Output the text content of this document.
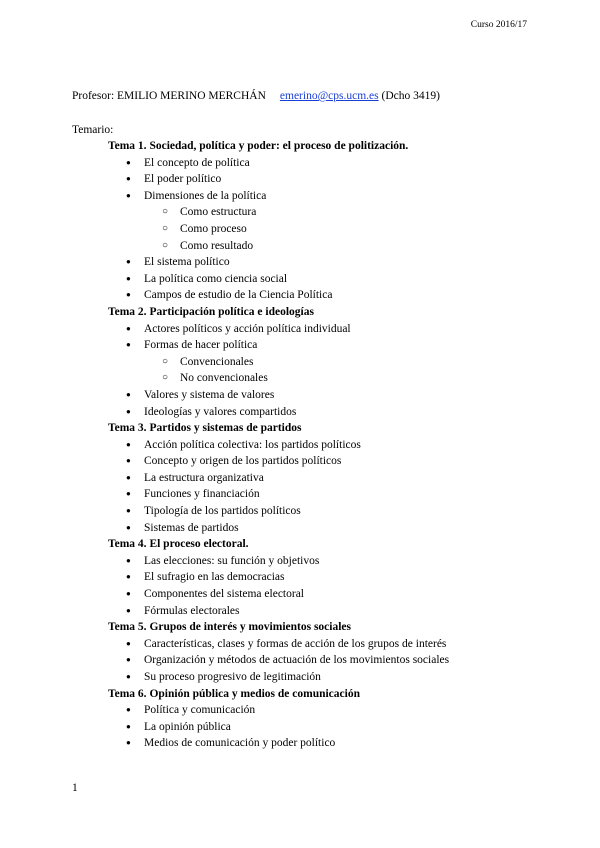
Curso 2016/17
Profesor: EMILIO MERINO MERCHÁN emerino@cps.ucm.es (Dcho 3419)
Temario:
Tema 1. Sociedad, política y poder: el proceso de politización.
● El concepto de política
● El poder político
● Dimensiones de la política
○ Como estructura
○ Como proceso
○ Como resultado
● El sistema político
● La política como ciencia social
● Campos de estudio de la Ciencia Política
Tema 2. Participación política e ideologías
● Actores políticos y acción política individual
● Formas de hacer política
○ Convencionales
○ No convencionales
● Valores y sistema de valores
● Ideologías y valores compartidos
Tema 3. Partidos y sistemas de partidos
● Acción política colectiva: los partidos políticos
● Concepto y origen de los partidos políticos
● La estructura organizativa
● Funciones y financiación
● Tipología de los partidos políticos
● Sistemas de partidos
Tema 4. El proceso electoral.
● Las elecciones: su función y objetivos
● El sufragio en las democracias
● Componentes del sistema electoral
● Fórmulas electorales
Tema 5. Grupos de interés y movimientos sociales
● Características, clases y formas de acción de los grupos de interés
● Organización y métodos de actuación de los movimientos sociales
● Su proceso progresivo de legitimación
Tema 6. Opinión pública y medios de comunicación
● Política y comunicación
● La opinión pública
● Medios de comunicación y poder político
1
